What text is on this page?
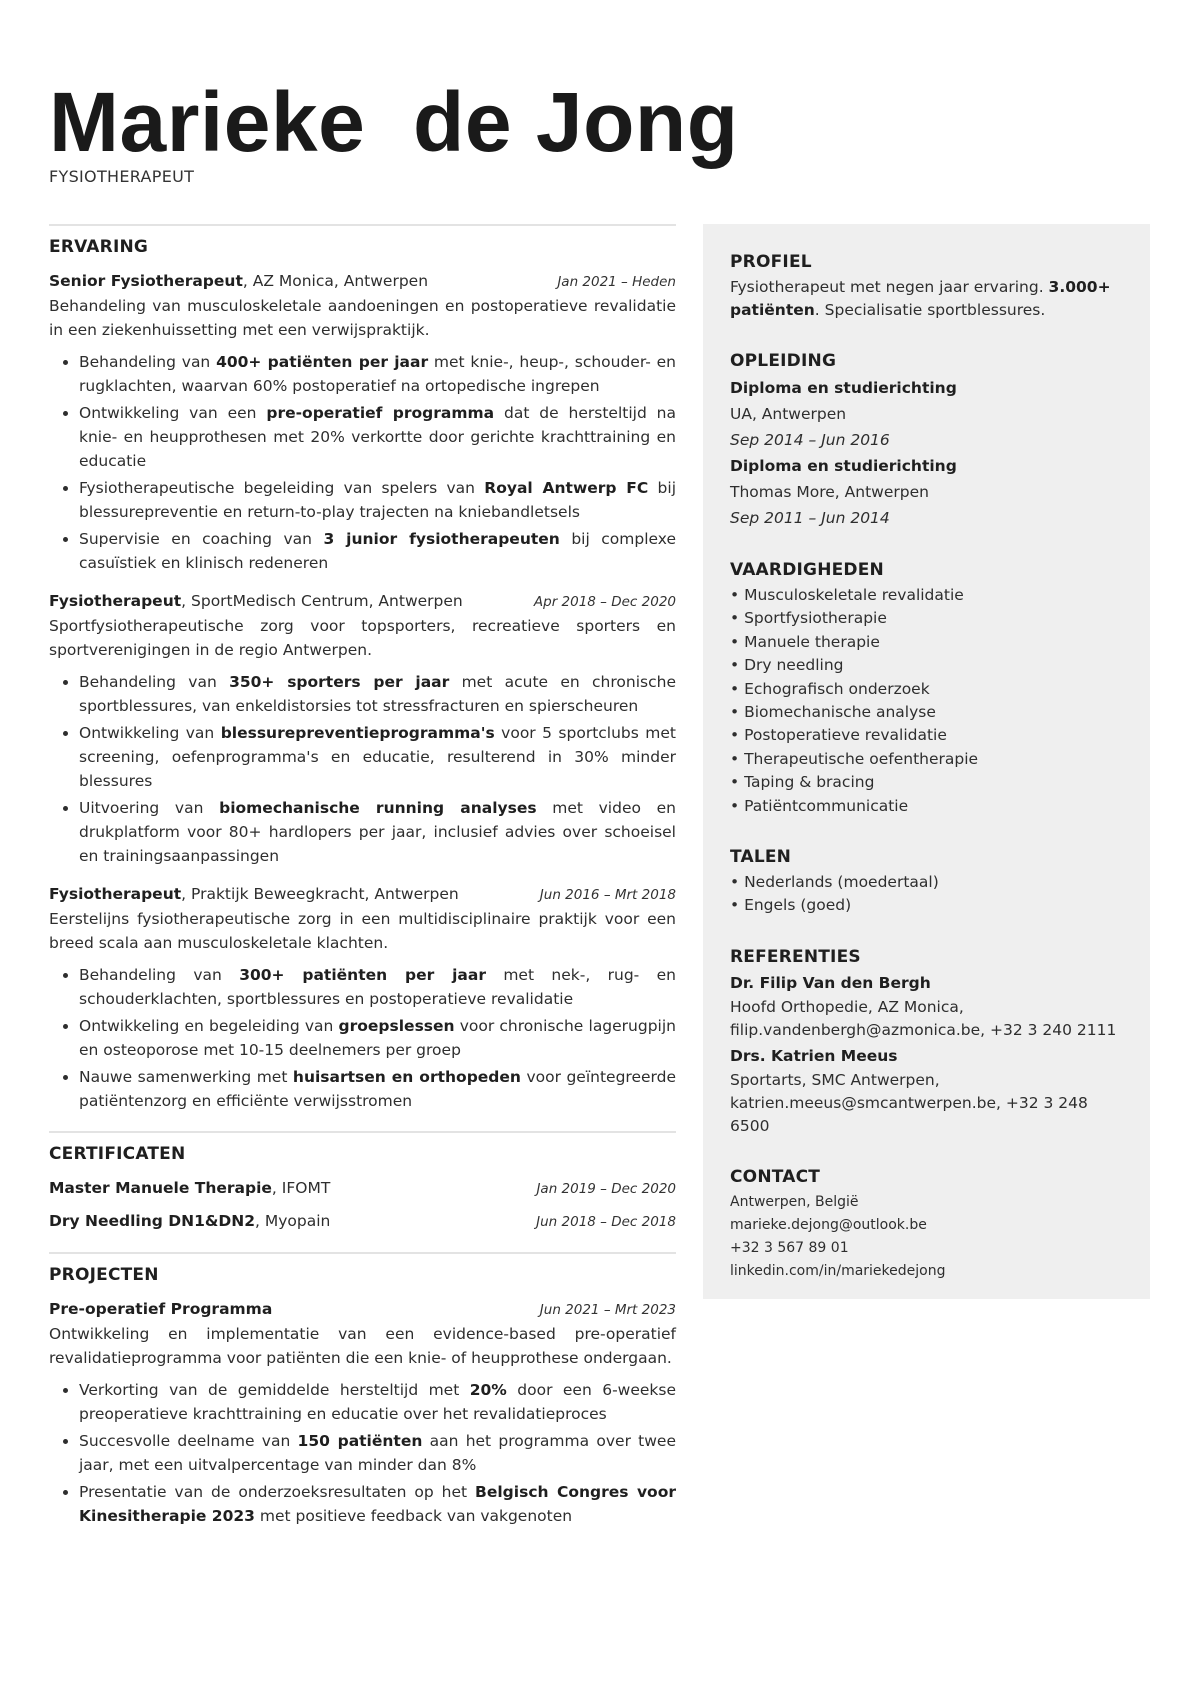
Marieke  de Jong
FYSIOTHERAPEUT
ERVARING
Senior Fysiotherapeut, AZ Monica, Antwerpen	Jan 2021 – Heden
Behandeling van musculoskeletale aandoeningen en postoperatieve revalidatie in een ziekenhuissetting met een verwijspraktijk.
• Behandeling van 400+ patiënten per jaar met knie-, heup-, schouder- en rugklachten, waarvan 60% postoperatief na ortopedische ingrepen
• Ontwikkeling van een pre-operatief programma dat de hersteltijd na knie- en heupprothesen met 20% verkortte door gerichte krachttraining en educatie
• Fysiotherapeutische begeleiding van spelers van Royal Antwerp FC bij blessurepreventie en return-to-play trajecten na kniebandletsels
• Supervisie en coaching van 3 junior fysiotherapeuten bij complexe casuïstiek en klinisch redeneren
Fysiotherapeut, SportMedisch Centrum, Antwerpen	Apr 2018 – Dec 2020
Sportfysiotherapeutische zorg voor topsporters, recreatieve sporters en sportverenigingen in de regio Antwerpen.
• Behandeling van 350+ sporters per jaar met acute en chronische sportblessures, van enkeldistorsies tot stressfracturen en spierscheuren
• Ontwikkeling van blessurepreventieprogramma's voor 5 sportclubs met screening, oefenprogramma's en educatie, resulterend in 30% minder blessures
• Uitvoering van biomechanische running analyses met video en drukplatform voor 80+ hardlopers per jaar, inclusief advies over schoeisel en trainingsaanpassingen
Fysiotherapeut, Praktijk Beweegkracht, Antwerpen	Jun 2016 – Mrt 2018
Eerstelijns fysiotherapeutische zorg in een multidisciplinaire praktijk voor een breed scala aan musculoskeletale klachten.
• Behandeling van 300+ patiënten per jaar met nek-, rug- en schouderklachten, sportblessures en postoperatieve revalidatie
• Ontwikkeling en begeleiding van groepslessen voor chronische lagerugpijn en osteoporose met 10-15 deelnemers per groep
• Nauwe samenwerking met huisartsen en orthopeden voor geïntegreerde patiëntenzorg en efficiënte verwijsstromen
CERTIFICATEN
Master Manuele Therapie, IFOMT	Jan 2019 – Dec 2020
Dry Needling DN1&DN2, Myopain	Jun 2018 – Dec 2018
PROJECTEN
Pre-operatief Programma	Jun 2021 – Mrt 2023
Ontwikkeling en implementatie van een evidence-based pre-operatief revalidatieprogramma voor patiënten die een knie- of heupprothese ondergaan.
• Verkorting van de gemiddelde hersteltijd met 20% door een 6-weekse preoperatieve krachttraining en educatie over het revalidatieproces
• Succesvolle deelname van 150 patiënten aan het programma over twee jaar, met een uitvalpercentage van minder dan 8%
• Presentatie van de onderzoeksresultaten op het Belgisch Congres voor Kinesitherapie 2023 met positieve feedback van vakgenoten
PROFIEL
Fysiotherapeut met negen jaar ervaring. 3.000+ patiënten. Specialisatie sportblessures.
OPLEIDING
Diploma en studierichting
UA, Antwerpen
Sep 2014 – Jun 2016
Diploma en studierichting
Thomas More, Antwerpen
Sep 2011 – Jun 2014
VAARDIGHEDEN
• Musculoskeletale revalidatie
• Sportfysiotherapie
• Manuele therapie
• Dry needling
• Echografisch onderzoek
• Biomechanische analyse
• Postoperatieve revalidatie
• Therapeutische oefentherapie
• Taping & bracing
• Patiëntcommunicatie
TALEN
• Nederlands (moedertaal)
• Engels (goed)
REFERENTIES
Dr. Filip Van den Bergh
Hoofd Orthopedie, AZ Monica, filip.vandenbergh@azmonica.be, +32 3 240 2111
Drs. Katrien Meeus
Sportarts, SMC Antwerpen, katrien.meeus@smcantwerpen.be, +32 3 248 6500
CONTACT
Antwerpen, België
marieke.dejong@outlook.be
+32 3 567 89 01
linkedin.com/in/mariekedejong
